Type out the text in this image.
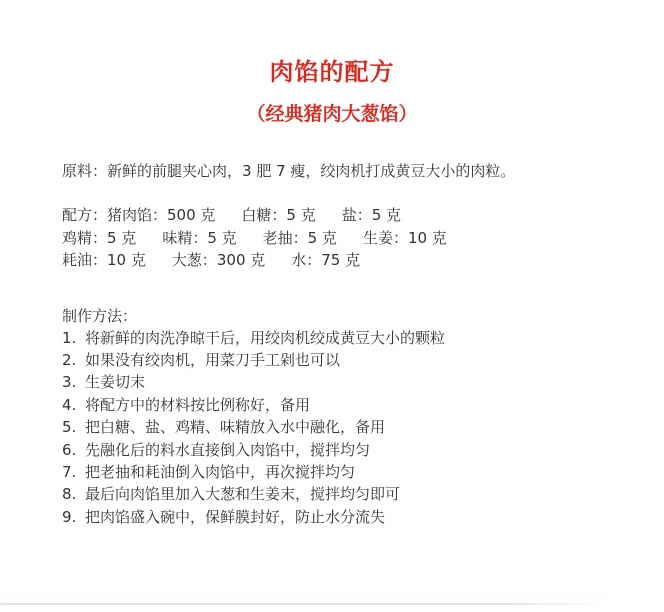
肉馅的配方
（经典猪肉大葱馅）

原料：新鲜的前腿夹心肉，3 肥 7 瘦，绞肉机打成黄豆大小的肉粒。

配方：猪肉馅：500 克 白糖：5 克 盐：5 克
鸡精：5 克 味精：5 克 老抽：5 克 生姜：10 克
耗油：10 克 大葱：300 克 水：75 克

制作方法：

1. 将新鲜的肉洗净晾干后，用绞肉机绞成黄豆大小的颗粒
2. 如果没有绞肉机，用菜刀手工剁也可以
3. 生姜切末
4. 将配方中的材料按比例称好，备用
5. 把白糖、盐、鸡精、味精放入水中融化，备用
6. 先融化后的料水直接倒入肉馅中，搅拌均匀
7. 把老抽和耗油倒入肉馅中，再次搅拌均匀
8. 最后向肉馅里加入大葱和生姜末，搅拌均匀即可
9. 把肉馅盛入碗中，保鲜膜封好，防止水分流失
